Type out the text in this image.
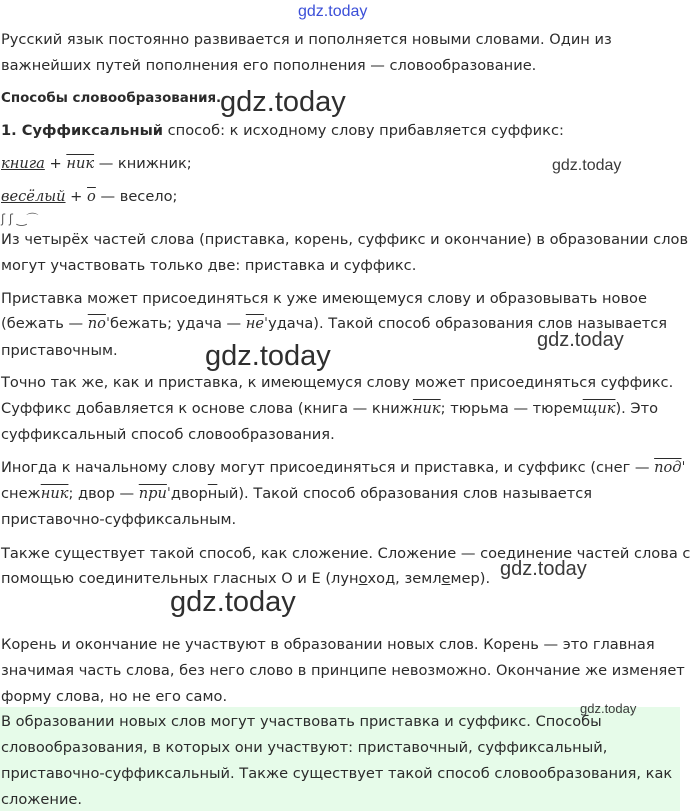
gdz.today
Русский язык постоянно развивается и пополняется новыми словами. Один из
важнейших путей пополнения его пополнения — словообразование.
Способы словообразования.
gdz.today
1. Суффиксальный способ: к исходному слову прибавляется суффикс:
книга + ник — книжник;	gdz.today
весёлый + о — весело;
ʃ ʃ ‿⌒
Из четырёх частей слова (приставка, корень, суффикс и окончание) в образовании слов
могут участвовать только две: приставка и суффикс.
Приставка может присоединяться к уже имеющемуся слову и образовывать новое
(бежать — поˈбежать; удача — неˈудача). Такой способ образования слов называется
приставочным.	gdz.today	gdz.today
Точно так же, как и приставка, к имеющемуся слову может присоединяться суффикс.
Суффикс добавляется к основе слова (книга — книжник; тюрьма — тюремщик). Это
суффиксальный способ словообразования.
Иногда к начальному слову могут присоединяться и приставка, и суффикс (снег — подˈ
снежник; двор — приˈдворный). Такой способ образования слов называется
приставочно-суффиксальным.
Также существует такой способ, как сложение. Сложение — соединение частей слова с
помощью соединительных гласных О и Е (луноход, землемер). gdz.today
gdz.today
Корень и окончание не участвуют в образовании новых слов. Корень — это главная
значимая часть слова, без него слово в принципе невозможно. Окончание же изменяет
форму слова, но не его само.
gdz.today
В образовании новых слов могут участвовать приставка и суффикс. Способы
словообразования, в которых они участвуют: приставочный, суффиксальный,
приставочно-суффиксальный. Также существует такой способ словообразования, как
сложение.
